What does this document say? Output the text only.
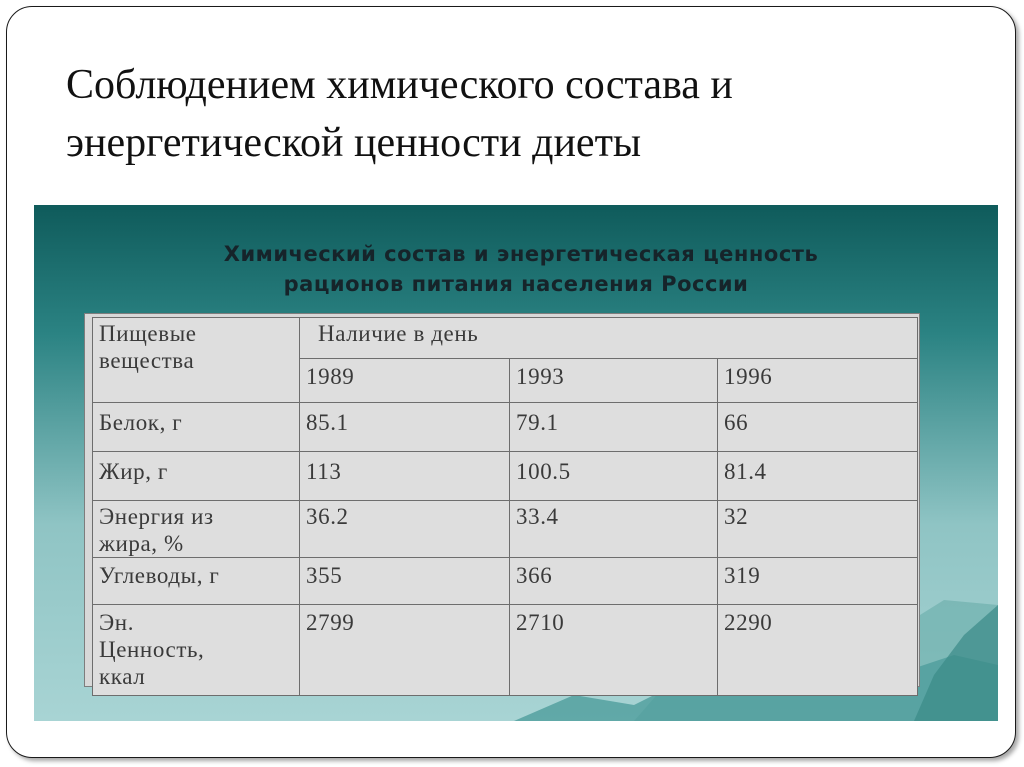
Соблюдением химического состава и
энергетической ценности диеты
Химический состав и энергетическая ценность
рационов питания населения России
Пищевые
вещества	Наличие в день		
	1989	1993	1996

Белок, г	85.1	79.1	66

Жир, г	113	100.5	81.4

Энергия из
жира, %	36.2	33.4	32

Углеводы, г	355	366	319

Эн.
Ценность,
ккал	2799	2710	2290
